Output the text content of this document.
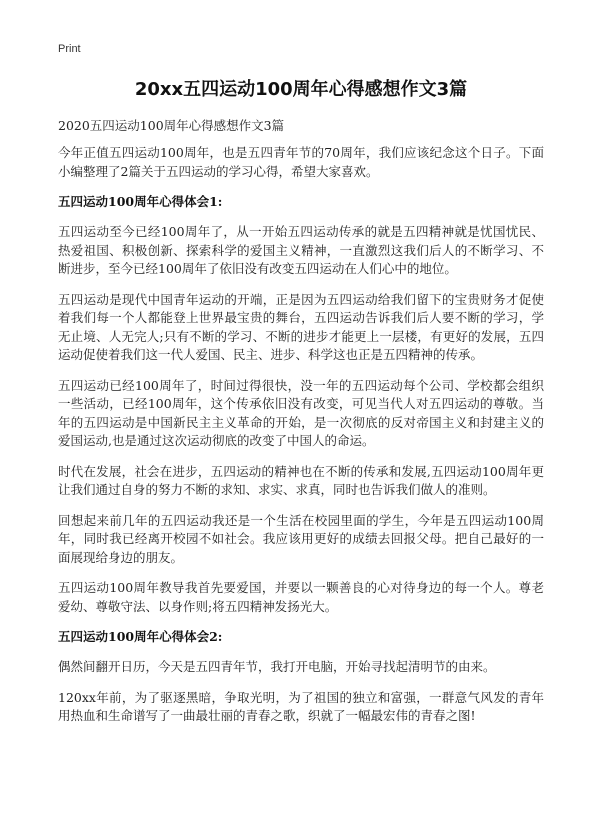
Print
20xx五四运动100周年心得感想作文3篇

2020五四运动100周年心得感想作文3篇

今年正值五四运动100周年，也是五四青年节的70周年，我们应该纪念这个日子。下面小编整理了2篇关于五四运动的学习心得，希望大家喜欢。

五四运动100周年心得体会1:

五四运动至今已经100周年了，从一开始五四运动传承的就是五四精神就是忧国忧民、热爱祖国、积极创新、探索科学的爱国主义精神，一直激烈这我们后人的不断学习、不断进步，至今已经100周年了依旧没有改变五四运动在人们心中的地位。

五四运动是现代中国青年运动的开端，正是因为五四运动给我们留下的宝贵财务才促使着我们每一个人都能登上世界最宝贵的舞台，五四运动告诉我们后人要不断的学习，学无止境、人无完人;只有不断的学习、不断的进步才能更上一层楼，有更好的发展，五四运动促使着我们这一代人爱国、民主、进步、科学这也正是五四精神的传承。

五四运动已经100周年了，时间过得很快，没一年的五四运动每个公司、学校都会组织一些活动，已经100周年，这个传承依旧没有改变，可见当代人对五四运动的尊敬。当年的五四运动是中国新民主主义革命的开始，是一次彻底的反对帝国主义和封建主义的爱国运动,也是通过这次运动彻底的改变了中国人的命运。

时代在发展，社会在进步，五四运动的精神也在不断的传承和发展,五四运动100周年更让我们通过自身的努力不断的求知、求实、求真，同时也告诉我们做人的准则。

回想起来前几年的五四运动我还是一个生活在校园里面的学生，今年是五四运动100周年，同时我已经离开校园不如社会。我应该用更好的成绩去回报父母。把自己最好的一面展现给身边的朋友。

五四运动100周年教导我首先要爱国，并要以一颗善良的心对待身边的每一个人。尊老爱幼、尊敬守法、以身作则;将五四精神发扬光大。

五四运动100周年心得体会2:

偶然间翻开日历，今天是五四青年节，我打开电脑，开始寻找起清明节的由来。

120xx年前，为了驱逐黑暗，争取光明，为了祖国的独立和富强，一群意气风发的青年用热血和生命谱写了一曲最壮丽的青春之歌，织就了一幅最宏伟的青春之图!
